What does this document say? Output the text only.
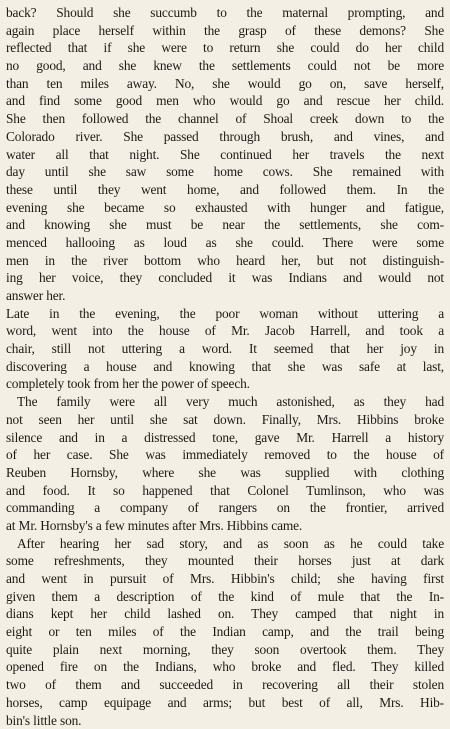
back? Should she succumb to the maternal prompting, and
again place herself within the grasp of these demons? She
reflected that if she were to return she could do her child
no good, and she knew the settlements could not be more
than ten miles away. No, she would go on, save herself,
and find some good men who would go and rescue her child.
She then followed the channel of Shoal creek down to the
Colorado river. She passed through brush, and vines, and
water all that night. She continued her travels the next
day until she saw some home cows. She remained with
these until they went home, and followed them. In the
evening she became so exhausted with hunger and fatigue,
and knowing she must be near the settlements, she com-
menced hallooing as loud as she could. There were some
men in the river bottom who heard her, but not distinguish-
ing her voice, they concluded it was Indians and would not
answer her.
Late in the evening, the poor woman without uttering a
word, went into the house of Mr. Jacob Harrell, and took a
chair, still not uttering a word. It seemed that her joy in
discovering a house and knowing that she was safe at last,
completely took from her the power of speech.
The family were all very much astonished, as they had
not seen her until she sat down. Finally, Mrs. Hibbins broke
silence and in a distressed tone, gave Mr. Harrell a history
of her case. She was immediately removed to the house of
Reuben Hornsby, where she was supplied with clothing
and food. It so happened that Colonel Tumlinson, who was
commanding a company of rangers on the frontier, arrived
at Mr. Hornsby's a few minutes after Mrs. Hibbins came.
After hearing her sad story, and as soon as he could take
some refreshments, they mounted their horses just at dark
and went in pursuit of Mrs. Hibbin's child; she having first
given them a description of the kind of mule that the In-
dians kept her child lashed on. They camped that night in
eight or ten miles of the Indian camp, and the trail being
quite plain next morning, they soon overtook them. They
opened fire on the Indians, who broke and fled. They killed
two of them and succeeded in recovering all their stolen
horses, camp equipage and arms; but best of all, Mrs. Hib-
bin's little son.
